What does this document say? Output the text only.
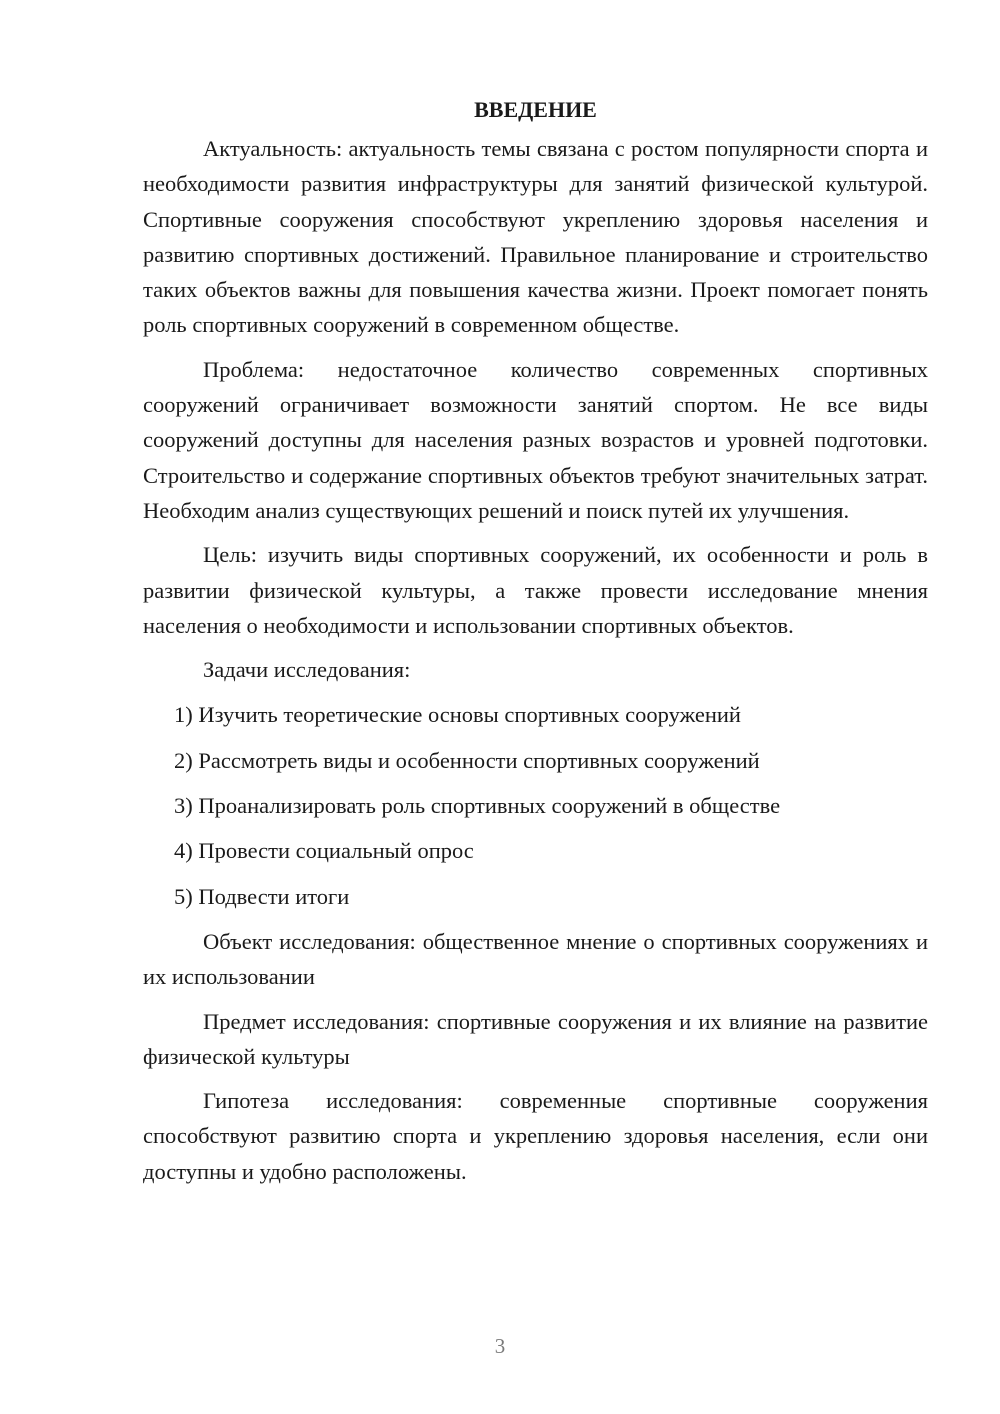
ВВЕДЕНИЕ

Актуальность: актуальность темы связана с ростом популярности спорта и необходимости развития инфраструктуры для занятий физической культурой. Спортивные сооружения способствуют укреплению здоровья населения и развитию спортивных достижений. Правильное планирование и строительство таких объектов важны для повышения качества жизни. Проект помогает понять роль спортивных сооружений в современном обществе.

Проблема: недостаточное количество современных спортивных сооружений ограничивает возможности занятий спортом. Не все виды сооружений доступны для населения разных возрастов и уровней подготовки. Строительство и содержание спортивных объектов требуют значительных затрат. Необходим анализ существующих решений и поиск путей их улучшения.

Цель: изучить виды спортивных сооружений, их особенности и роль в развитии физической культуры, а также провести исследование мнения населения о необходимости и использовании спортивных объектов.

Задачи исследования:

1) Изучить теоретические основы спортивных сооружений
2) Рассмотреть виды и особенности спортивных сооружений
3) Проанализировать роль спортивных сооружений в обществе
4) Провести социальный опрос
5) Подвести итоги

Объект исследования: общественное мнение о спортивных сооружениях и их использовании

Предмет исследования: спортивные сооружения и их влияние на развитие физической культуры

Гипотеза исследования: современные спортивные сооружения способствуют развитию спорта и укреплению здоровья населения, если они доступны и удобно расположены.

3
